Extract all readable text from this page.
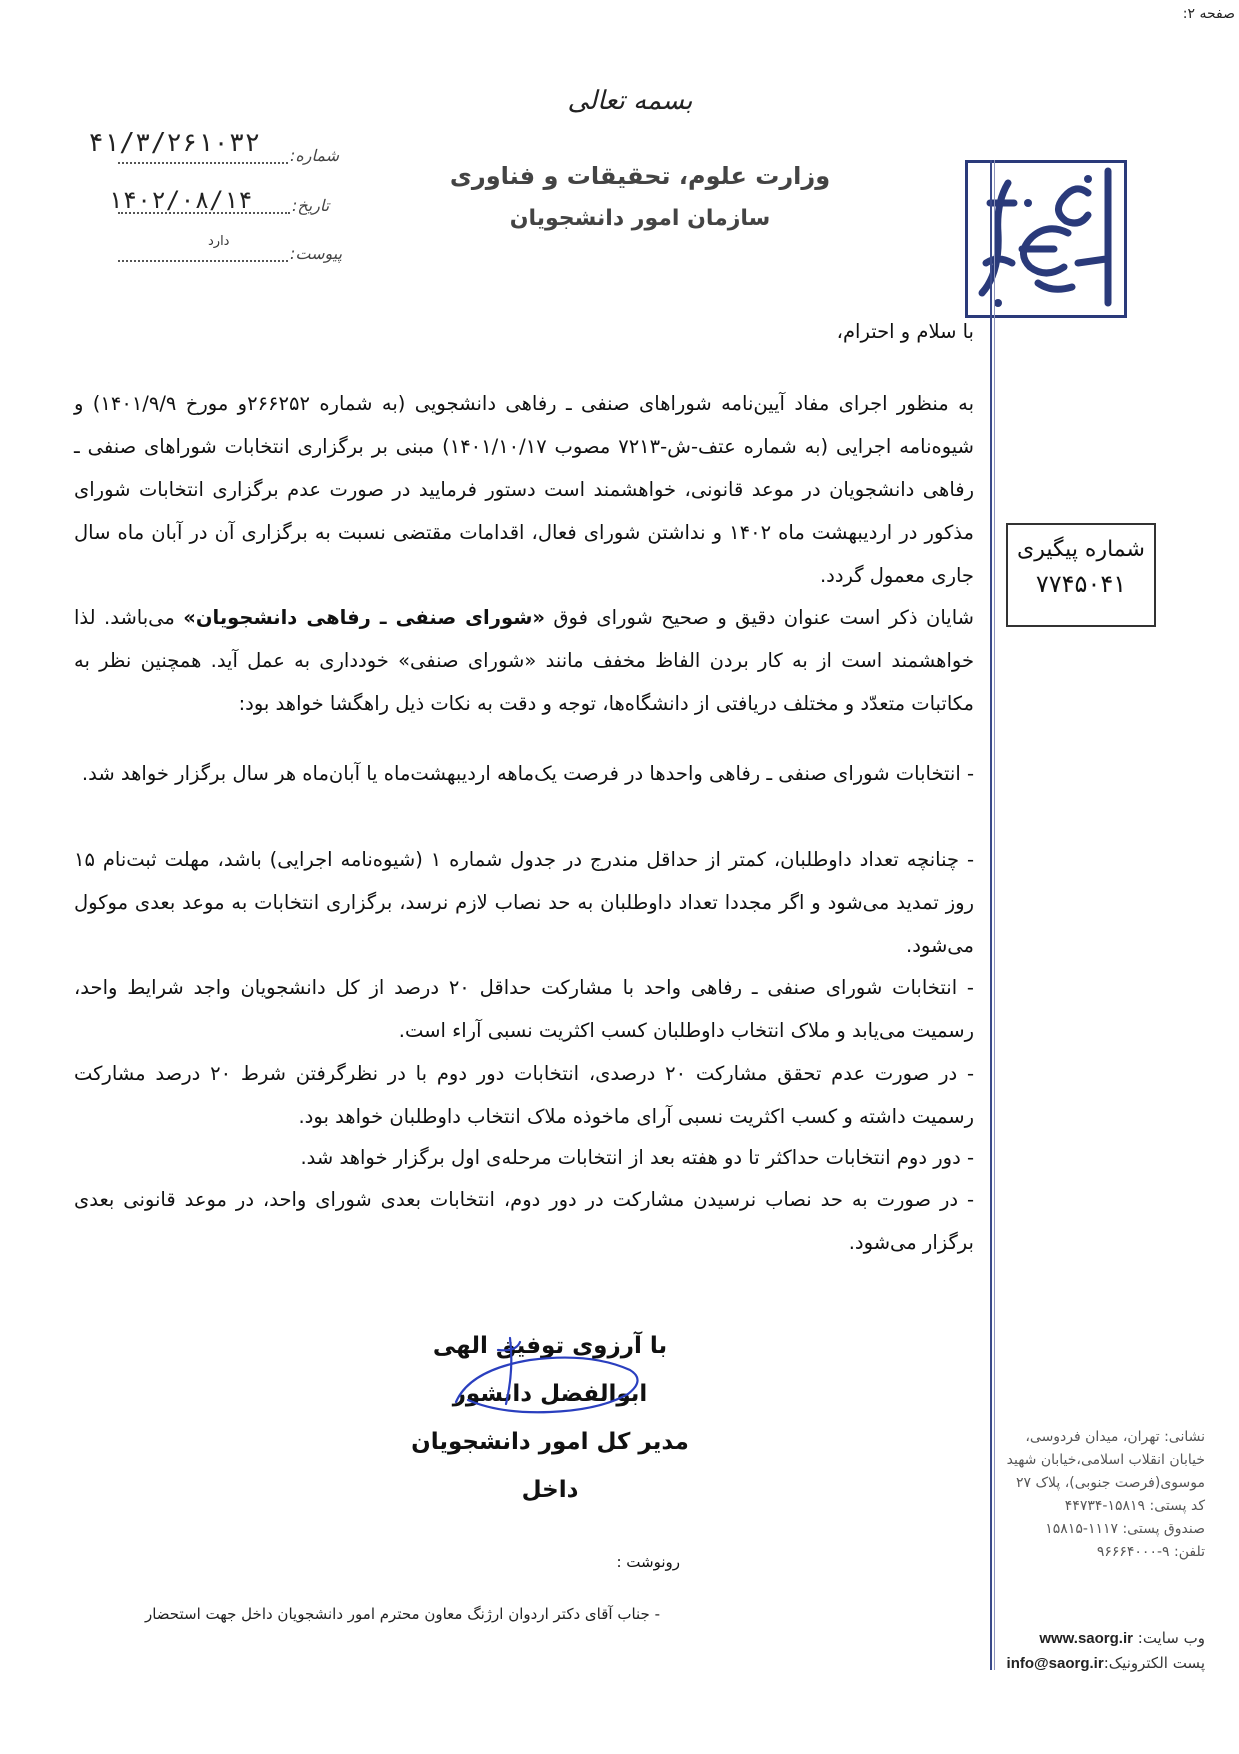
صفحه ۲:
بسمه تعالی
وزارت علوم، تحقیقات و فناوری
سازمان امور دانشجویان
شماره:
۴۱/۳/۲۶۱۰۳۲
تاریخ:
۱۴۰۲/۰۸/۱۴
دارد
پیوست:
با سلام و احترام،
به منظور اجرای مفاد آیین‌نامه شوراهای صنفی ـ رفاهی دانشجویی (به شماره ۲۶۶۲۵۲و مورخ ۱۴۰۱/۹/۹) و شیوه‌نامه اجرایی (به شماره عتف-ش-۷۲۱۳ مصوب ۱۴۰۱/۱۰/۱۷) مبنی بر برگزاری انتخابات شوراهای صنفی ـ رفاهی دانشجویان در موعد قانونی، خواهشمند است دستور فرمایید در صورت عدم برگزاری انتخابات شورای مذکور در اردیبهشت ماه ۱۴۰۲ و نداشتن شورای فعال، اقدامات مقتضی نسبت به برگزاری آن در آبان ماه سال جاری معمول گردد.
شایان ذکر است عنوان دقیق و صحیح شورای فوق «شورای صنفی ـ رفاهی دانشجویان» می‌باشد. لذا خواهشمند است از به کار بردن الفاظ مخفف مانند «شورای صنفی» خودداری به عمل آید. همچنین نظر به مکاتبات متعدّد و مختلف دریافتی از دانشگاه‌ها، توجه و دقت به نکات ذیل راهگشا خواهد بود:
- انتخابات شورای صنفی ـ رفاهی واحدها در فرصت یک‌ماهه اردیبهشت‌ماه یا آبان‌ماه هر سال برگزار خواهد شد.
- چنانچه تعداد داوطلبان، کمتر از حداقل مندرج در جدول شماره ۱ (شیوه‌نامه اجرایی) باشد، مهلت ثبت‌نام ۱۵ روز تمدید می‌شود و اگر مجددا تعداد داوطلبان به حد نصاب لازم نرسد، برگزاری انتخابات به موعد بعدی موکول می‌شود.
- انتخابات شورای صنفی ـ رفاهی واحد با مشارکت حداقل ۲۰ درصد از کل دانشجویان واجد شرایط واحد، رسمیت می‌یابد و ملاک انتخاب داوطلبان کسب اکثریت نسبی آراء است.
- در صورت عدم تحقق مشارکت ۲۰ درصدی، انتخابات دور دوم با در نظرگرفتن شرط ۲۰ درصد مشارکت رسمیت داشته و کسب اکثریت نسبی آرای ماخوذه ملاک انتخاب داوطلبان خواهد بود.
- دور دوم انتخابات حداکثر تا دو هفته بعد از انتخابات مرحله‌ی اول برگزار خواهد شد.
- در صورت به حد نصاب نرسیدن مشارکت در دور دوم، انتخابات بعدی شورای واحد، در موعد قانونی بعدی برگزار می‌شود.
شماره پیگیری
۷۷۴۵۰۴۱
با آرزوی توفیق الهی
ابوالفضل دانشور
مدیر کل امور دانشجویان داخل
رونوشت :
- جناب آقای دکتر اردوان ارژنگ معاون محترم امور دانشجویان داخل جهت استحضار
نشانی: تهران، میدان فردوسی،
خیابان انقلاب اسلامی،خیابان شهید
موسوی(فرصت جنوبی)، پلاک ۲۷
کد پستی: ۱۵۸۱۹-۴۴۷۳۴
صندوق پستی: ۱۱۱۷-۱۵۸۱۵
تلفن: ۹-۹۶۶۶۴۰۰۰
وب سایت: www.saorg.ir
پست الکترونیک:info@saorg.ir
